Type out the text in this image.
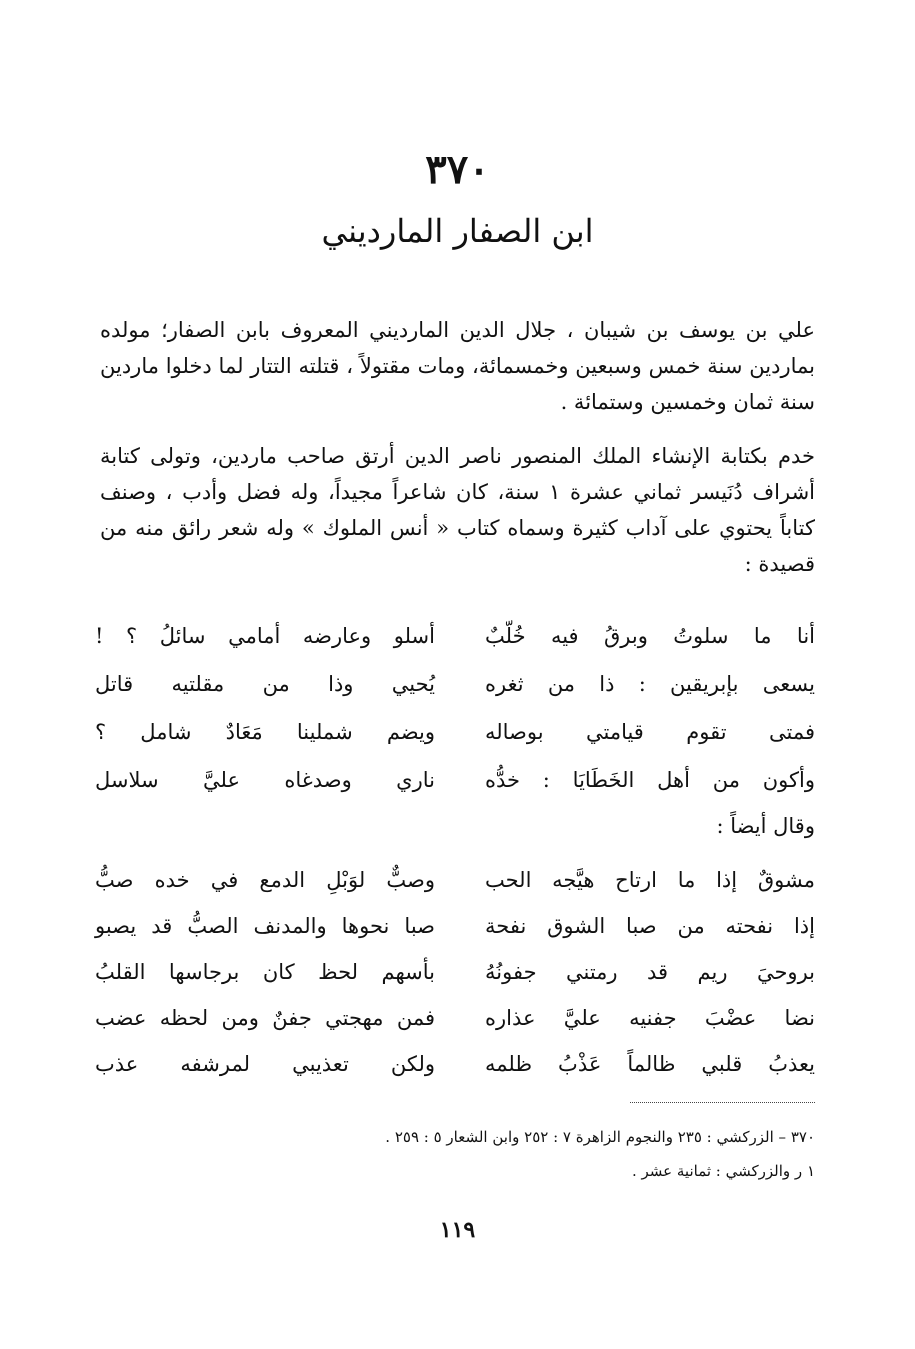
٣٧٠
ابن الصفار الماردیني

علي بن يوسف بن شيبان ، جلال الدين الماردیني المعروف بابن الصفار؛ مولده بماردين سنة خمس وسبعين وخمسمائة، ومات مقتولاً ، قتلته التتار لما دخلوا ماردين سنة ثمان وخمسين وستمائة .

خدم بكتابة الإنشاء الملك المنصور ناصر الدين أرتق صاحب ماردين، وتولى كتابة أشراف دُنَيسر ثماني عشرة ١ سنة، كان شاعراً مجيداً، وله فضل وأدب ، وصنف كتاباً يحتوي على آداب كثيرة وسماه كتاب « أنس الملوك » وله شعر رائق منه من قصيدة :

أنا ما سلوتُ وبرقُ فيه خُلّبٌ
أسلو وعارضه أمامي سائلُ ؟ !
يسعى بإبريقين : ذا من ثغره
يُحيي وذا من مقلتيه قاتل
فمتى تقوم قيامتي بوصاله
ويضم شملينا مَعَادٌ شامل ؟
وأكون من أهل الخَطَايَا : خدُّه
ناري وصدغاه عليَّ سلاسل
وقال أيضاً :
مشوقٌ إذا ما ارتاح هيَّجه الحب
وصبٌّ لوَبْلِ الدمع في خده صبُّ
إذا نفحته من صبا الشوق نفحة
صبا نحوها والمدنف الصبُّ قد يصبو
بروحيَ ريم قد رمتني جفونُهُ
بأسهم لحظ كان برجاسها القلبُ
نضا عضْبَ جفنيه عليَّ عذاره
فمن مهجتي جفنٌ ومن لحظه عضب
يعذبُ قلبي ظالماً عَذْبُ ظلمه
ولكن تعذيبي لمرشفه عذب
٣٧٠ – الزركشي : ٢٣٥ والنجوم الزاهرة ٧ : ٢٥٢ وابن الشعار ٥ : ٢٥٩ .
١ ر والزركشي : ثمانية عشر .
١١٩
